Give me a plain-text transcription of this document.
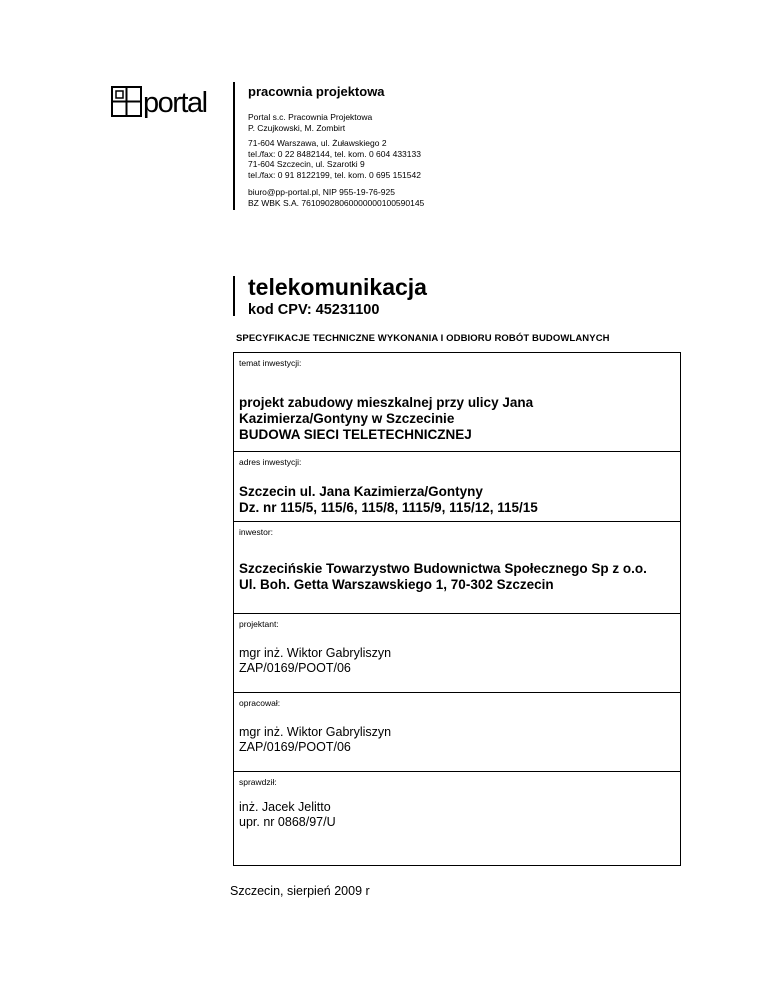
portal	pracownia projektowa
Portal s.c. Pracownia Projektowa
P. Czujkowski, M. Zombirt
71-604 Warszawa, ul. Żuławskiego 2
tel./fax: 0 22 8482144, tel. kom. 0 604 433133
71-604 Szczecin, ul. Szarotki 9
tel./fax: 0 91 8122199, tel. kom. 0 695 151542
biuro@pp-portal.pl, NIP 955-19-76-925
BZ WBK S.A. 76109028060000000100590145
telekomunikacja
kod CPV: 45231100
SPECYFIKACJE TECHNICZNE WYKONANIA I ODBIORU ROBÓT BUDOWLANYCH
temat inwestycji:
projekt zabudowy mieszkalnej przy ulicy Jana
Kazimierza/Gontyny w Szczecinie
BUDOWA SIECI TELETECHNICZNEJ
adres inwestycji:
Szczecin ul. Jana Kazimierza/Gontyny
Dz. nr 115/5, 115/6, 115/8, 1115/9, 115/12, 115/15
inwestor:
Szczecińskie Towarzystwo Budownictwa Społecznego Sp z o.o.
Ul. Boh. Getta Warszawskiego 1, 70-302 Szczecin
projektant:
mgr inż. Wiktor Gabryliszyn
ZAP/0169/POOT/06
opracował:
mgr inż. Wiktor Gabryliszyn
ZAP/0169/POOT/06
sprawdził:
inż. Jacek Jelitto
upr. nr 0868/97/U
Szczecin, sierpień 2009 r
